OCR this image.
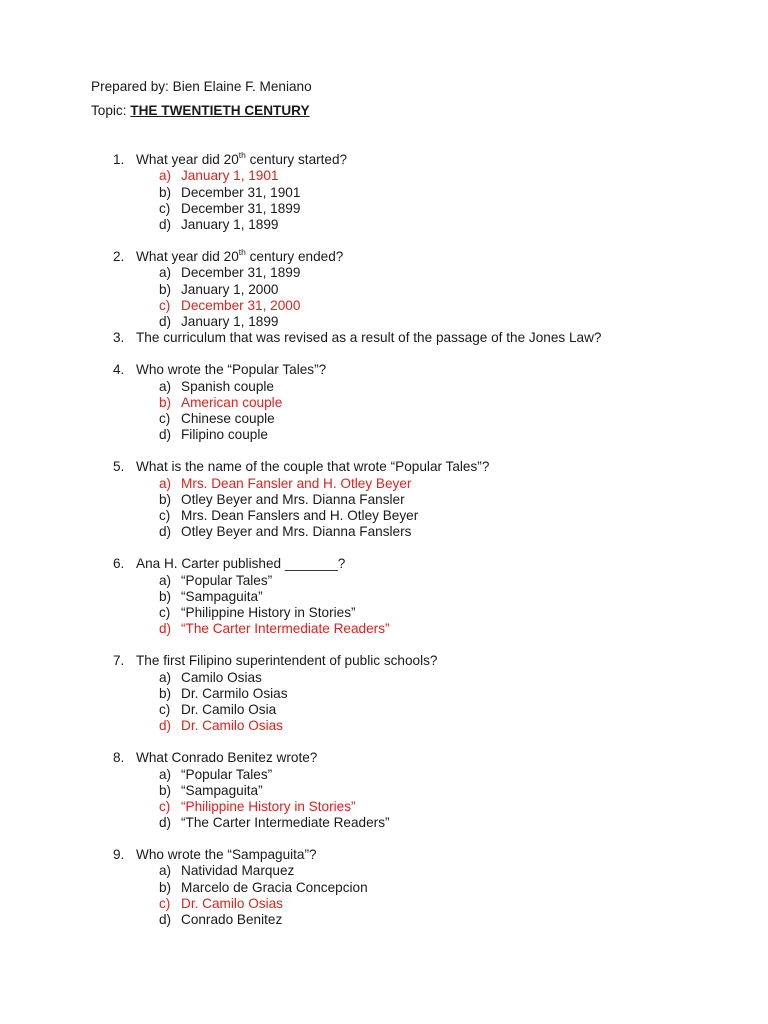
Prepared by: Bien Elaine F. Meniano
Topic: THE TWENTIETH CENTURY
1. What year did 20th century started?
a) January 1, 1901
b) December 31, 1901
c) December 31, 1899
d) January 1, 1899
2. What year did 20th century ended?
a) December 31, 1899
b) January 1, 2000
c) December 31, 2000
d) January 1, 1899
3. The curriculum that was revised as a result of the passage of the Jones Law?
4. Who wrote the “Popular Tales”?
a) Spanish couple
b) American couple
c) Chinese couple
d) Filipino couple
5. What is the name of the couple that wrote “Popular Tales”?
a) Mrs. Dean Fansler and H. Otley Beyer
b) Otley Beyer and Mrs. Dianna Fansler
c) Mrs. Dean Fanslers and H. Otley Beyer
d) Otley Beyer and Mrs. Dianna Fanslers
6. Ana H. Carter published _______?
a) “Popular Tales”
b) “Sampaguita”
c) “Philippine History in Stories”
d) “The Carter Intermediate Readers”
7. The first Filipino superintendent of public schools?
a) Camilo Osias
b) Dr. Carmilo Osias
c) Dr. Camilo Osia
d) Dr. Camilo Osias
8. What Conrado Benitez wrote?
a) “Popular Tales”
b) “Sampaguita”
c) “Philippine History in Stories”
d) “The Carter Intermediate Readers”
9. Who wrote the “Sampaguita”?
a) Natividad Marquez
b) Marcelo de Gracia Concepcion
c) Dr. Camilo Osias
d) Conrado Benitez
